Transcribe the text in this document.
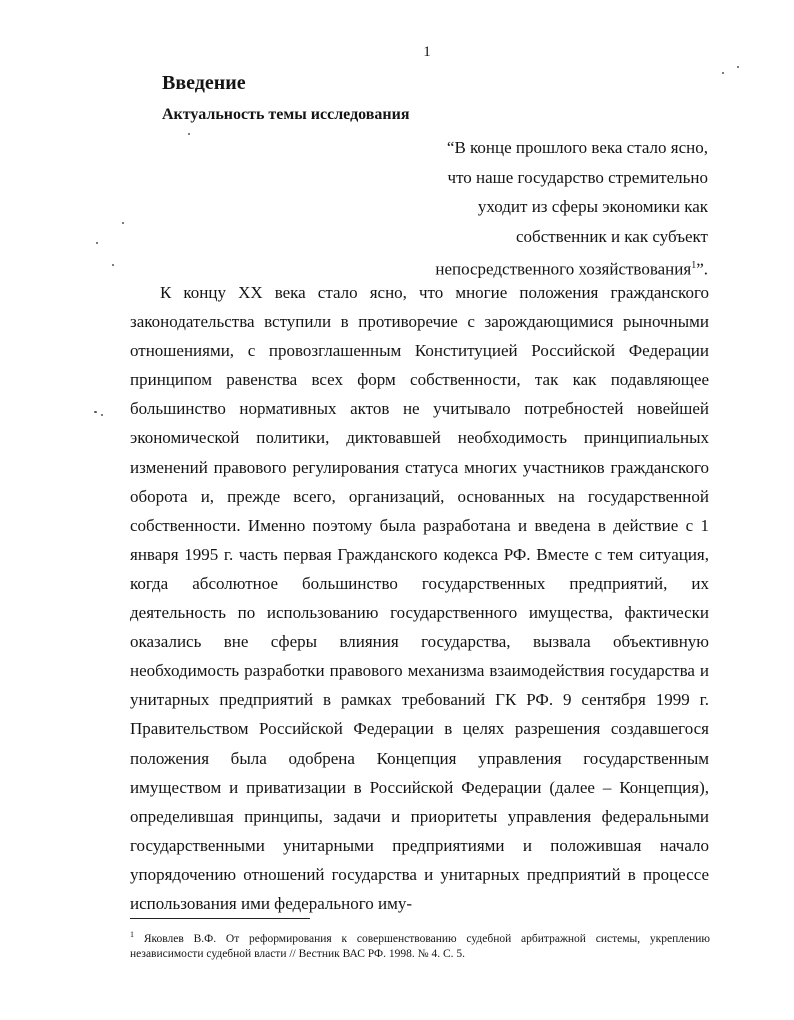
1
Введение
Актуальность темы исследования
“В конце прошлого века стало ясно,
что наше государство стремительно
уходит из сферы экономики как
собственник и как субъект
непосредственного хозяйствования$^1$”.

К концу XX века стало ясно, что многие положения гражданского законодательства вступили в противоречие с зарождающимися рыночными отношениями, с провозглашенным Конституцией Российской Федерации принципом равенства всех форм собственности, так как подавляющее большинство нормативных актов не учитывало потребностей новейшей экономической политики, диктовавшей необходимость принципиальных изменений правового регулирования статуса многих участников гражданского оборота и, прежде всего, организаций, основанных на государственной собственности. Именно поэтому была разработана и введена в действие с 1 января 1995 г. часть первая Гражданского кодекса РФ. Вместе с тем ситуация, когда абсолютное большинство государственных предприятий, их деятельность по использованию государственного имущества, фактически оказались вне сферы влияния государства, вызвала объективную необходимость разработки правового механизма взаимодействия государства и унитарных предприятий в рамках требований ГК РФ. 9 сентября 1999 г. Правительством Российской Федерации в целях разрешения создавшегося положения была одобрена Концепция управления государственным имуществом и приватизации в Российской Федерации (далее – Концепция), определившая принципы, задачи и приоритеты управления федеральными государственными унитарными предприятиями и положившая начало упорядочению отношений государства и унитарных предприятий в процессе использования ими федерального иму-

$^1$ Яковлев В.Ф. От реформирования к совершенствованию судебной арбитражной системы, укреплению независимости судебной власти // Вестник ВАС РФ. 1998. № 4. С. 5.
